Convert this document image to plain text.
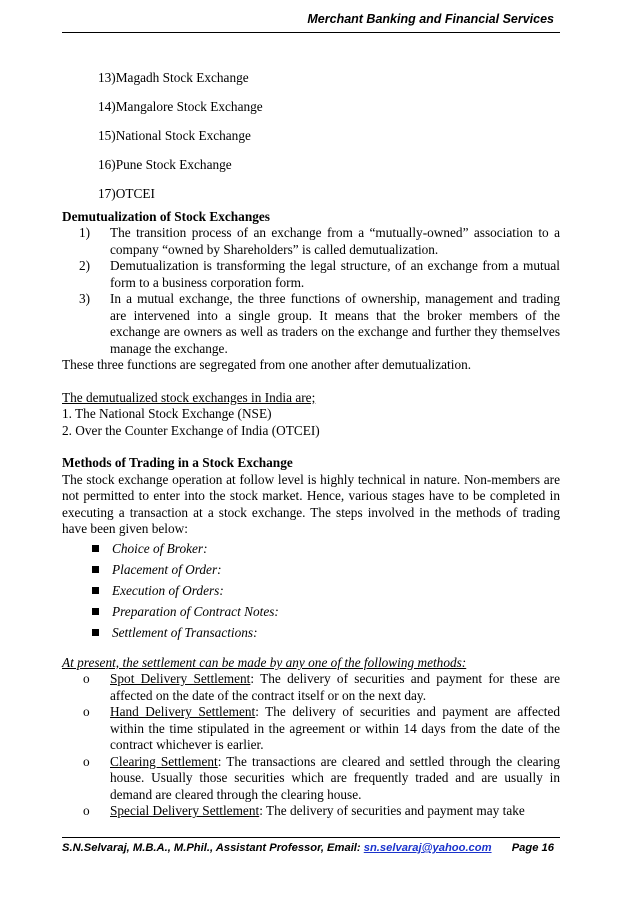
Merchant Banking and Financial Services
13)Magadh Stock Exchange
14)Mangalore Stock Exchange
15)National Stock Exchange
16)Pune Stock Exchange
17)OTCEI
Demutualization of Stock Exchanges
1) The transition process of an exchange from a “mutually-owned” association to a company “owned by Shareholders” is called demutualization.
2) Demutualization is transforming the legal structure, of an exchange from a mutual form to a business corporation form.
3) In a mutual exchange, the three functions of ownership, management and trading are intervened into a single group. It means that the broker members of the exchange are owners as well as traders on the exchange and further they themselves manage the exchange.
These three functions are segregated from one another after demutualization.
The demutualized stock exchanges in India are;
1. The National Stock Exchange (NSE)
2. Over the Counter Exchange of India (OTCEI)
Methods of Trading in a Stock Exchange
The stock exchange operation at follow level is highly technical in nature. Non-members are not permitted to enter into the stock market. Hence, various stages have to be completed in executing a transaction at a stock exchange. The steps involved in the methods of trading have been given below:
Choice of Broker:
Placement of Order:
Execution of Orders:
Preparation of Contract Notes:
Settlement of Transactions:
At present, the settlement can be made by any one of the following methods:
o Spot Delivery Settlement: The delivery of securities and payment for these are affected on the date of the contract itself or on the next day.
o Hand Delivery Settlement: The delivery of securities and payment are affected within the time stipulated in the agreement or within 14 days from the date of the contract whichever is earlier.
o Clearing Settlement: The transactions are cleared and settled through the clearing house. Usually those securities which are frequently traded and are usually in demand are cleared through the clearing house.
o Special Delivery Settlement: The delivery of securities and payment may take
S.N.Selvaraj, M.B.A., M.Phil., Assistant Professor, Email: sn.selvaraj@yahoo.com Page 16
